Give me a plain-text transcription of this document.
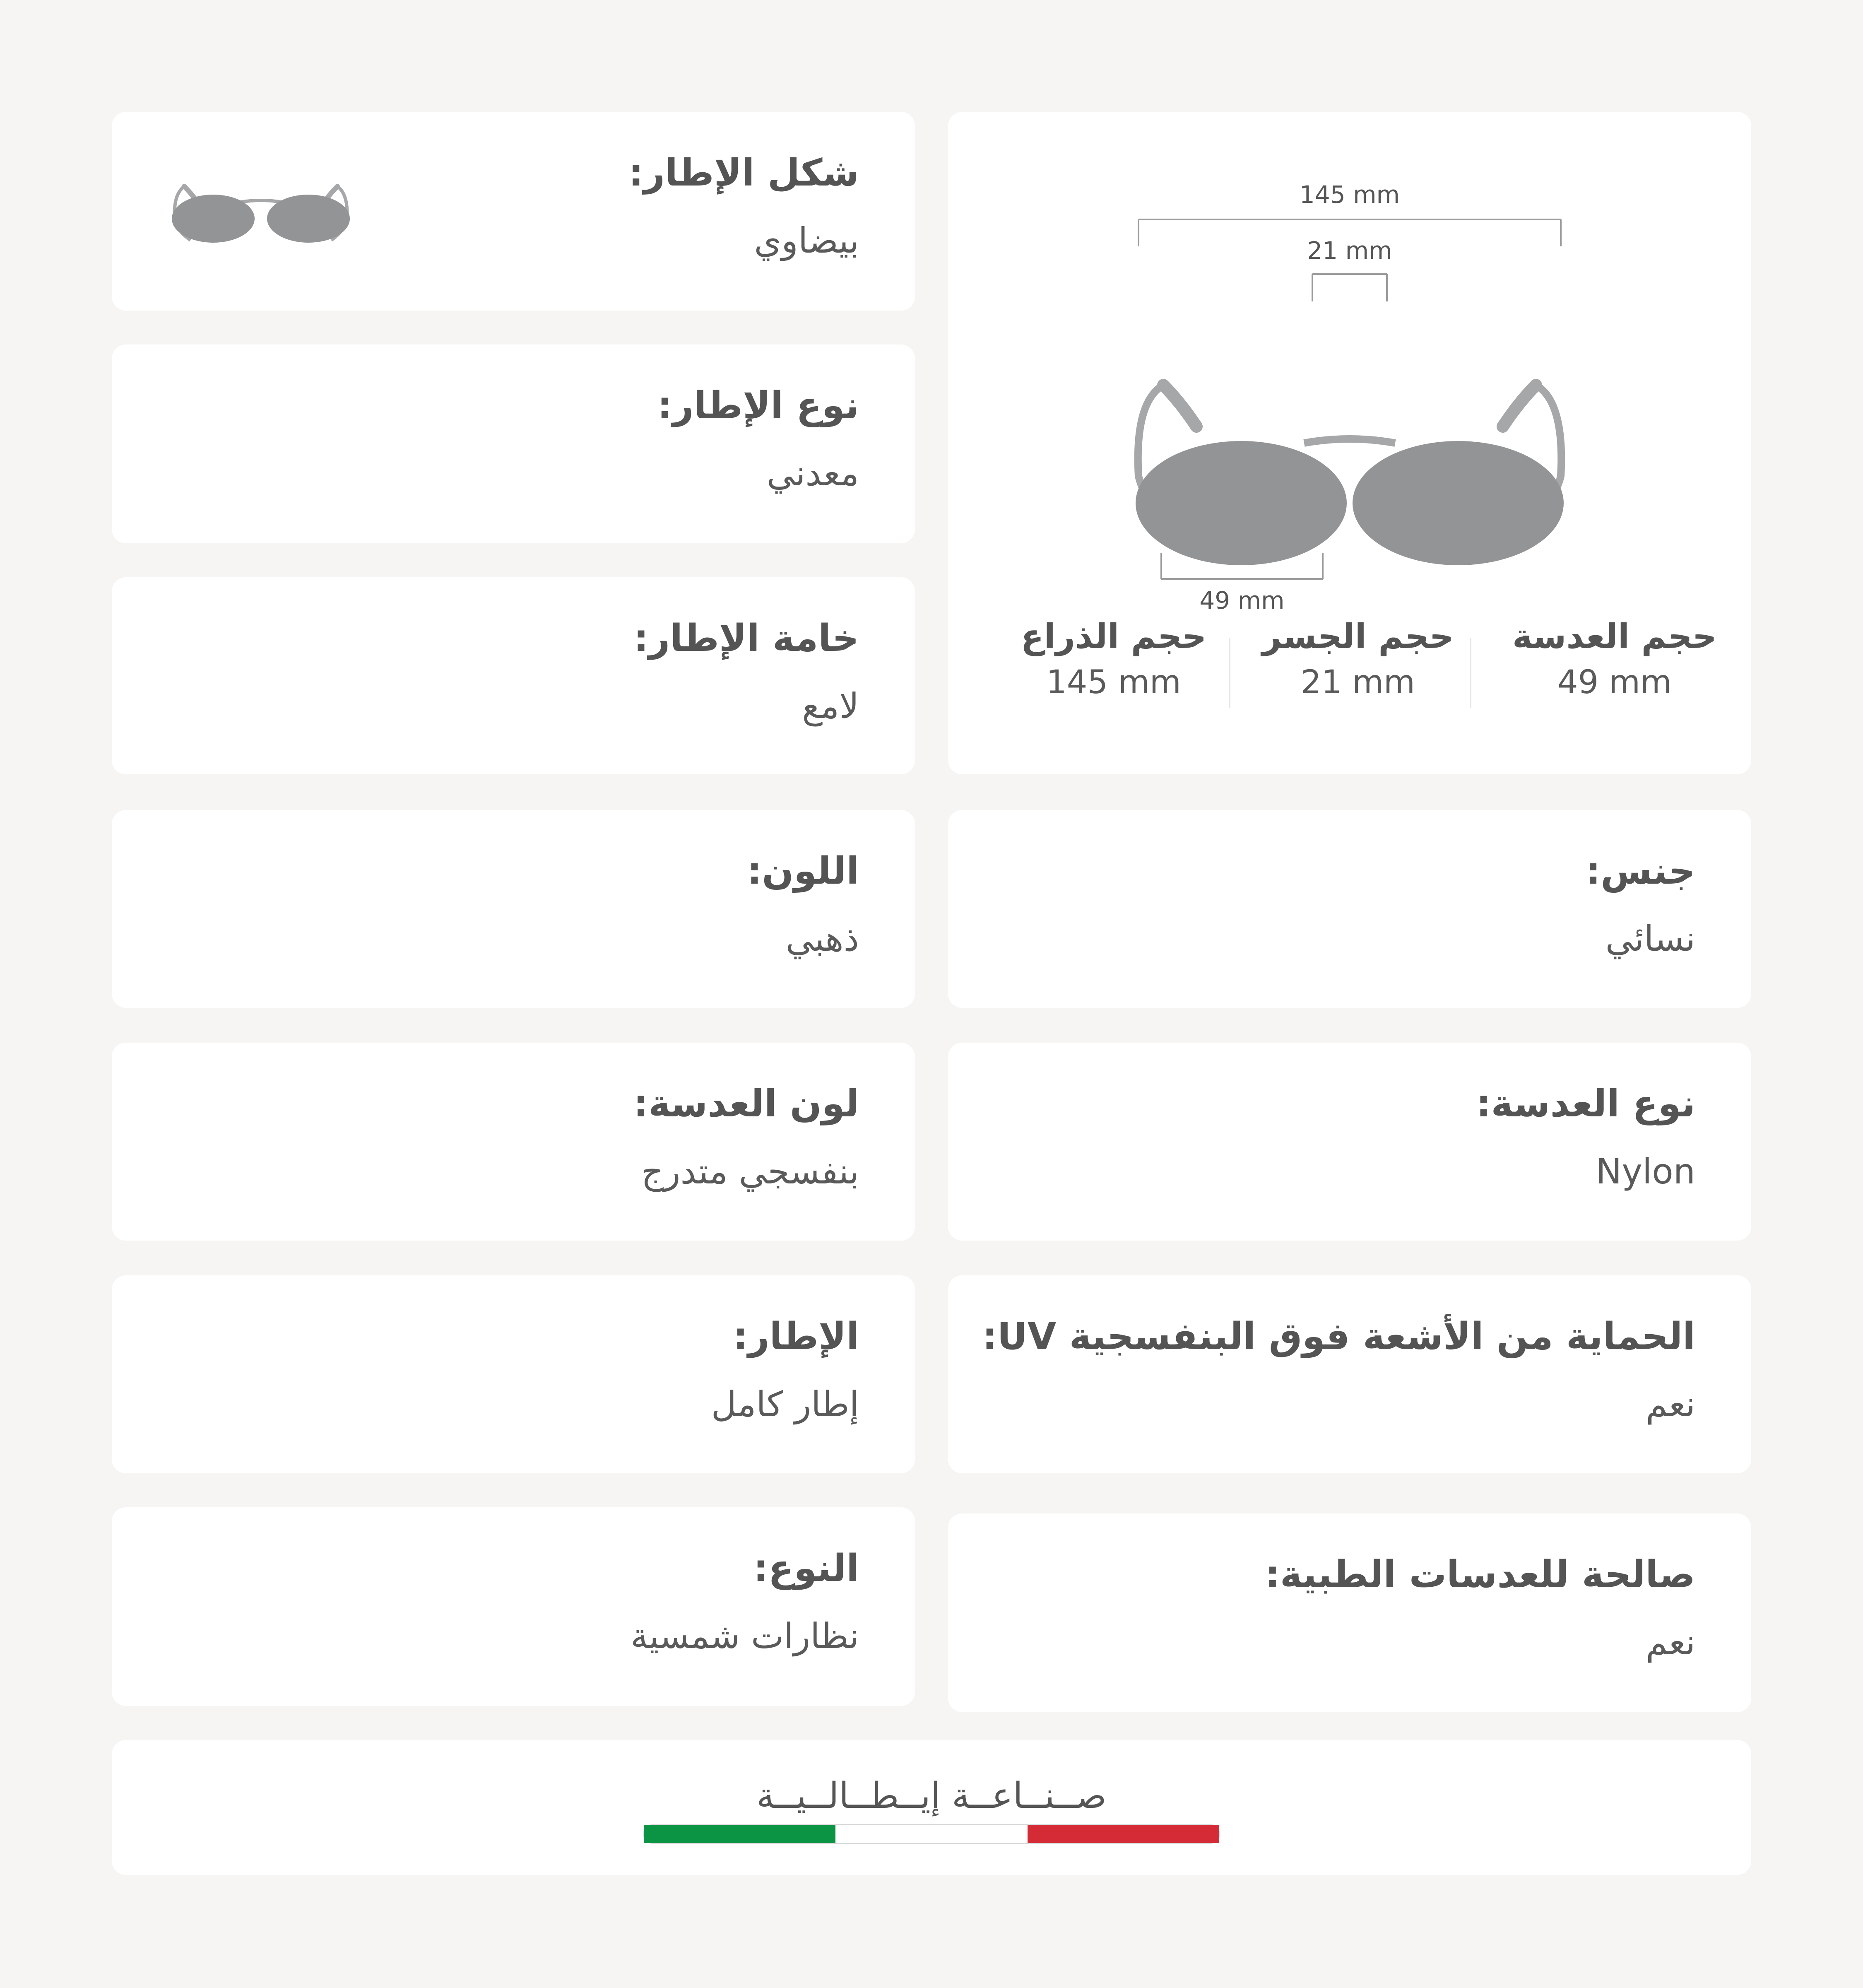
145 mm
21 mm
49 mm
حجم العدسة
49 mm
حجم الجسر
21 mm
حجم الذراع
145 mm
شكل الإطار:
بيضاوي
نوع الإطار:
معدني
خامة الإطار:
لامع
اللون:
ذهبي
لون العدسة:
بنفسجي متدرج
الإطار:
إطار كامل
النوع:
نظارات شمسية
جنس:
نسائي
نوع العدسة:
Nylon
الحماية من الأشعة فوق البنفسجية UV:
نعم
صالحة للعدسات الطبية:
نعم
صــنــاعــة إيــطــالــيــة
